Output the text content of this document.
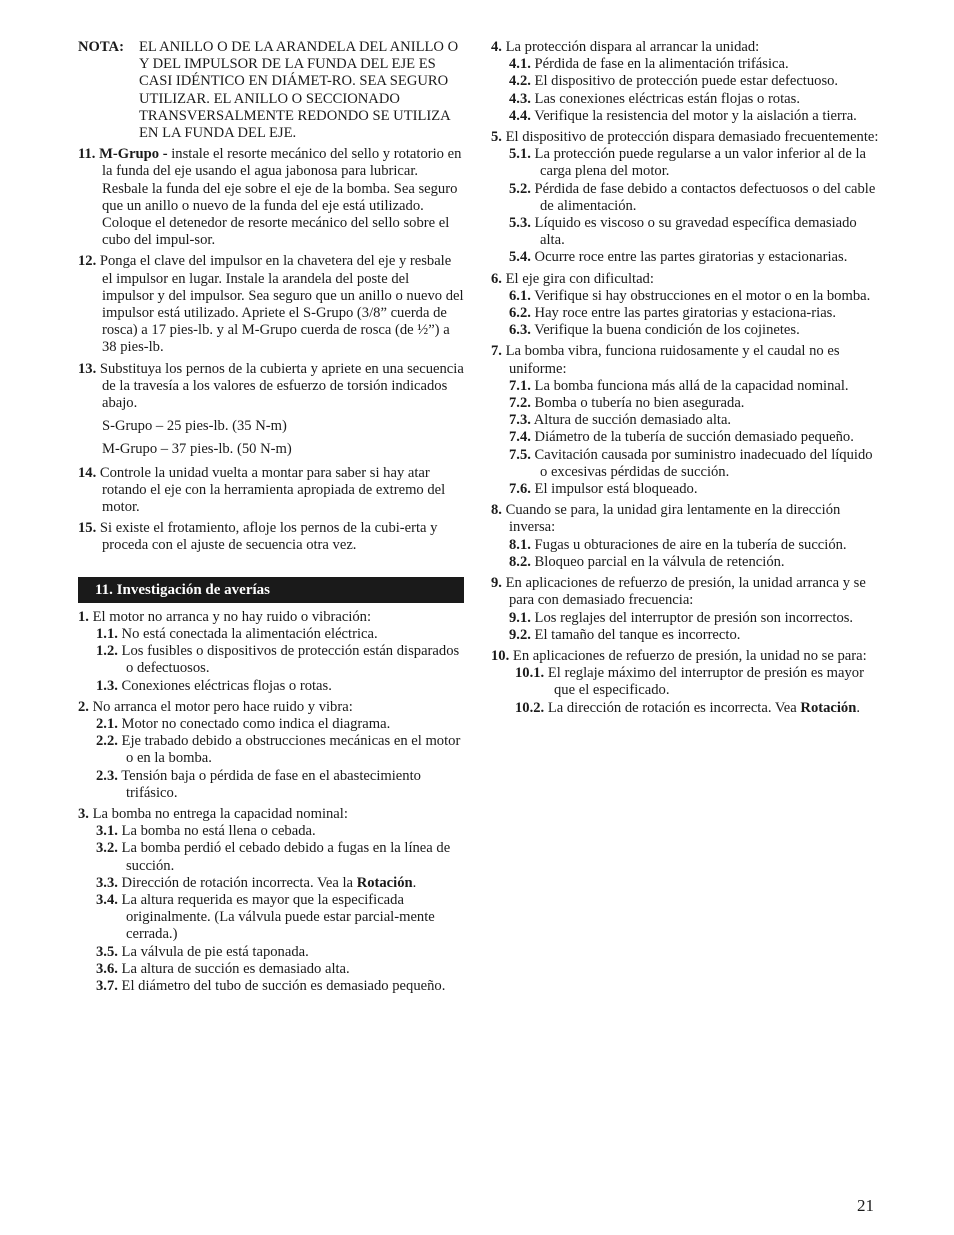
NOTA:	EL ANILLO O DE LA ARANDELA DEL ANILLO O Y DEL IMPULSOR DE LA FUNDA DEL EJE ES CASI IDÉNTICO EN DIÁMET-RO. SEA SEGURO UTILIZAR. EL ANILLO O SECCIONADO TRANSVERSALMENTE REDONDO SE UTILIZA EN LA FUNDA DEL EJE.
11. M-Grupo - instale el resorte mecánico del sello y rotatorio en la funda del eje usando el agua jabonosa para lubricar. Resbale la funda del eje sobre el eje de la bomba. Sea seguro que un anillo o nuevo de la funda del eje está utilizado. Coloque el detenedor de resorte mecánico del sello sobre el cubo del impul-sor.
12. Ponga el clave del impulsor en la chavetera del eje y resbale el impulsor en lugar. Instale la arandela del poste del impulsor y del impulsor. Sea seguro que un anillo o nuevo del impulsor está utilizado. Apriete el S-Grupo (3/8” cuerda de rosca) a 17 pies-lb. y al M-Grupo cuerda de rosca (de ½”) a 38 pies-lb.
13. Substituya los pernos de la cubierta y apriete en una secuencia de la travesía a los valores de esfuerzo de torsión indicados abajo.
S-Grupo – 25 pies-lb. (35 N-m)
M-Grupo – 37 pies-lb. (50 N-m)
14. Controle la unidad vuelta a montar para saber si hay atar rotando el eje con la herramienta apropiada de extremo del motor.
15. Si existe el frotamiento, afloje los pernos de la cubi-erta y proceda con el ajuste de secuencia otra vez.
11. Investigación de averías
1. El motor no arranca y no hay ruido o vibración:
1.1. No está conectada la alimentación eléctrica.
1.2. Los fusibles o dispositivos de protección están disparados o defectuosos.
1.3. Conexiones eléctricas flojas o rotas.
2. No arranca el motor pero hace ruido y vibra:
2.1. Motor no conectado como indica el diagrama.
2.2. Eje trabado debido a obstrucciones mecánicas en el motor o en la bomba.
2.3. Tensión baja o pérdida de fase en el abastecimiento trifásico.
3. La bomba no entrega la capacidad nominal:
3.1. La bomba no está llena o cebada.
3.2. La bomba perdió el cebado debido a fugas en la línea de succión.
3.3. Dirección de rotación incorrecta. Vea la Rotación.
3.4. La altura requerida es mayor que la especificada originalmente. (La válvula puede estar parcial-mente cerrada.)
3.5. La válvula de pie está taponada.
3.6. La altura de succión es demasiado alta.
3.7. El diámetro del tubo de succión es demasiado pequeño.
4. La protección dispara al arrancar la unidad:
4.1. Pérdida de fase en la alimentación trifásica.
4.2. El dispositivo de protección puede estar defectuoso.
4.3. Las conexiones eléctricas están flojas o rotas.
4.4. Verifique la resistencia del motor y la aislación a tierra.
5. El dispositivo de protección dispara demasiado frecuentemente:
5.1. La protección puede regularse a un valor inferior al de la carga plena del motor.
5.2. Pérdida de fase debido a contactos defectuosos o del cable de alimentación.
5.3. Líquido es viscoso o su gravedad específica demasiado alta.
5.4. Ocurre roce entre las partes giratorias y estacionarias.
6. El eje gira con dificultad:
6.1. Verifique si hay obstrucciones en el motor o en la bomba.
6.2. Hay roce entre las partes giratorias y estaciona-rias.
6.3. Verifique la buena condición de los cojinetes.
7. La bomba vibra, funciona ruidosamente y el caudal no es uniforme:
7.1. La bomba funciona más allá de la capacidad nominal.
7.2. Bomba o tubería no bien asegurada.
7.3. Altura de succión demasiado alta.
7.4. Diámetro de la tubería de succión demasiado pequeño.
7.5. Cavitación causada por suministro inadecuado del líquido o excesivas pérdidas de succión.
7.6. El impulsor está bloqueado.
8. Cuando se para, la unidad gira lentamente en la dirección inversa:
8.1. Fugas u obturaciones de aire en la tubería de succión.
8.2. Bloqueo parcial en la válvula de retención.
9. En aplicaciones de refuerzo de presión, la unidad arranca y se para con demasiado frecuencia:
9.1. Los reglajes del interruptor de presión son incorrectos.
9.2. El tamaño del tanque es incorrecto.
10. En aplicaciones de refuerzo de presión, la unidad no se para:
10.1. El reglaje máximo del interruptor de presión es mayor que el especificado.
10.2. La dirección de rotación es incorrecta. Vea Rotación.
21
